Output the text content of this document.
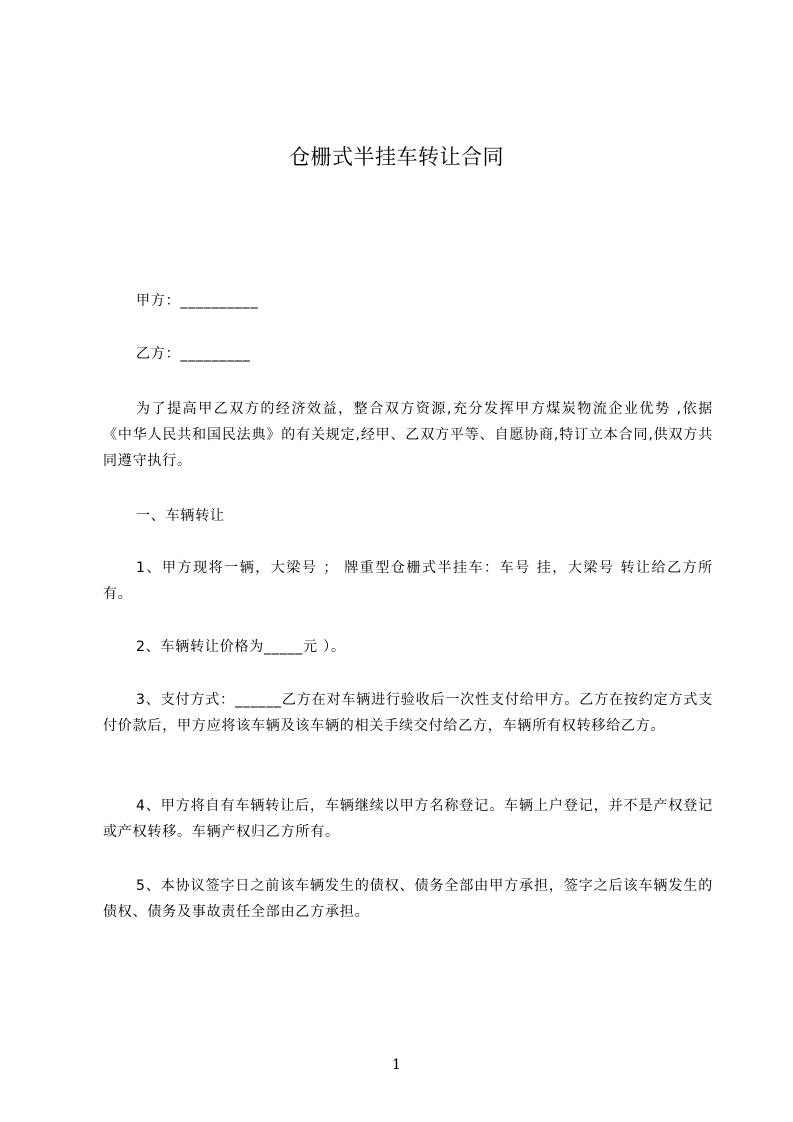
仓栅式半挂车转让合同
甲方：__________
乙方：_________
为了提高甲乙双方的经济效益，整合双方资源,充分发挥甲方煤炭物流企业优势 ,依据《中华人民共和国民法典》的有关规定,经甲、乙双方平等、自愿协商,特订立本合同,供双方共同遵守执行。
一、车辆转让
1、甲方现将一辆，大梁号 ； 牌重型仓栅式半挂车：车号 挂，大梁号 转让给乙方所有。
2、车辆转让价格为_____元 ）。
3、支付方式：______乙方在对车辆进行验收后一次性支付给甲方。乙方在按约定方式支付价款后，甲方应将该车辆及该车辆的相关手续交付给乙方，车辆所有权转移给乙方。
4、甲方将自有车辆转让后，车辆继续以甲方名称登记。车辆上户登记，并不是产权登记或产权转移。车辆产权归乙方所有。
5、本协议签字日之前该车辆发生的债权、债务全部由甲方承担，签字之后该车辆发生的债权、债务及事故责任全部由乙方承担。
1
